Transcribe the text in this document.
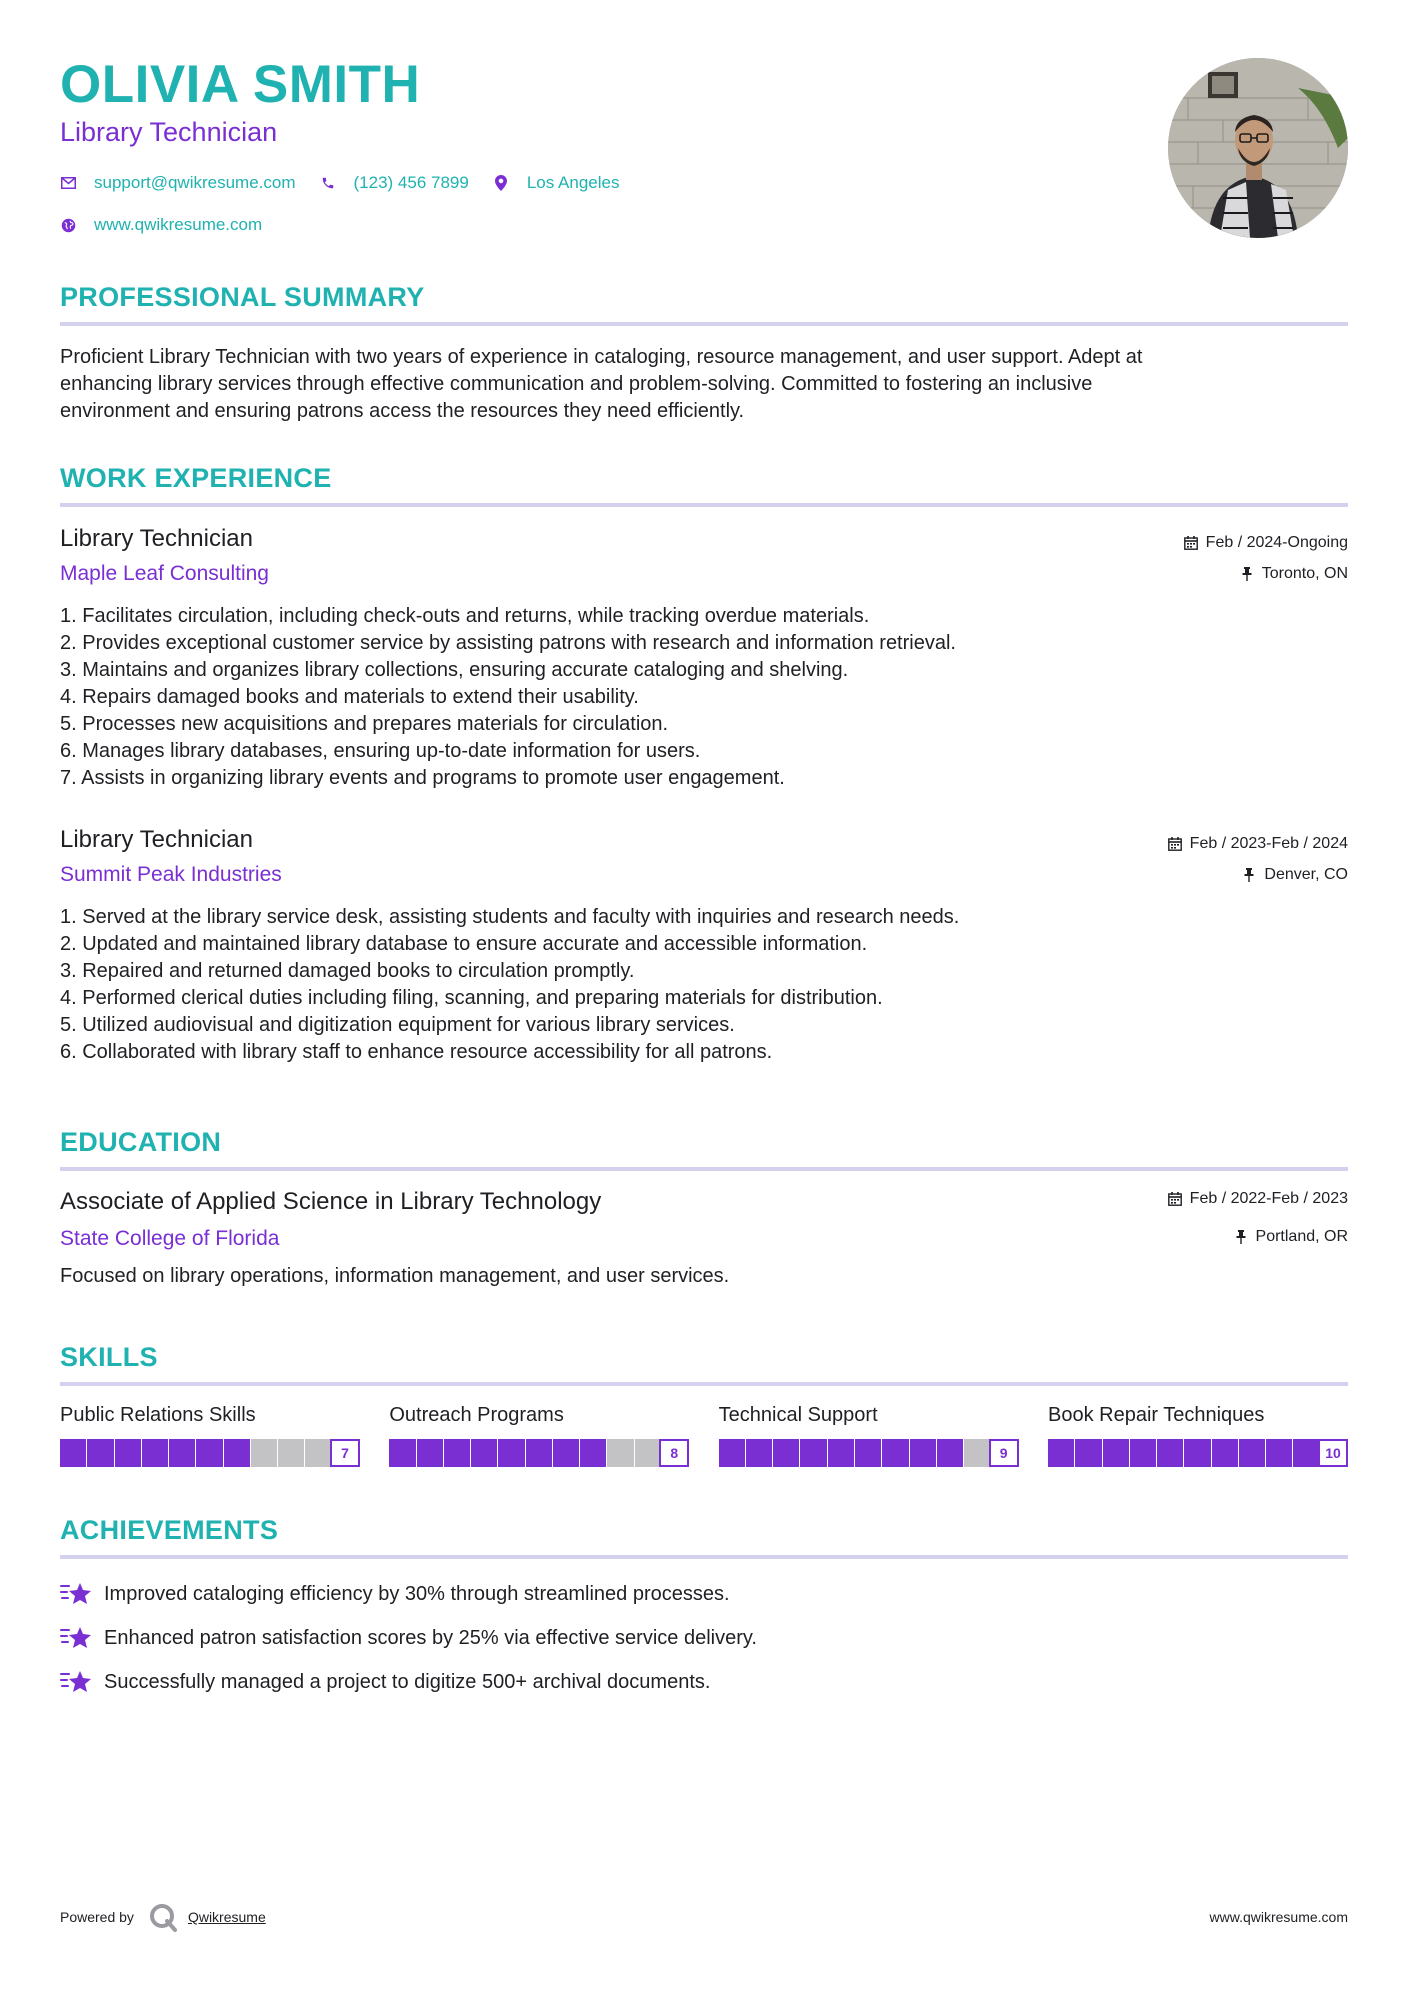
OLIVIA SMITH
Library Technician
support@qwikresume.com	(123) 456 7899	Los Angeles
www.qwikresume.com
PROFESSIONAL SUMMARY
Proficient Library Technician with two years of experience in cataloging, resource management, and user support. Adept at
enhancing library services through effective communication and problem-solving. Committed to fostering an inclusive
environment and ensuring patrons access the resources they need efficiently.
WORK EXPERIENCE
Library Technician
Maple Leaf Consulting
Feb / 2024-Ongoing
Toronto, ON
1. Facilitates circulation, including check-outs and returns, while tracking overdue materials.
2. Provides exceptional customer service by assisting patrons with research and information retrieval.
3. Maintains and organizes library collections, ensuring accurate cataloging and shelving.
4. Repairs damaged books and materials to extend their usability.
5. Processes new acquisitions and prepares materials for circulation.
6. Manages library databases, ensuring up-to-date information for users.
7. Assists in organizing library events and programs to promote user engagement.
Library Technician
Summit Peak Industries
Feb / 2023-Feb / 2024
Denver, CO
1. Served at the library service desk, assisting students and faculty with inquiries and research needs.
2. Updated and maintained library database to ensure accurate and accessible information.
3. Repaired and returned damaged books to circulation promptly.
4. Performed clerical duties including filing, scanning, and preparing materials for distribution.
5. Utilized audiovisual and digitization equipment for various library services.
6. Collaborated with library staff to enhance resource accessibility for all patrons.
EDUCATION
Associate of Applied Science in Library Technology
State College of Florida
Feb / 2022-Feb / 2023
Portland, OR
Focused on library operations, information management, and user services.
SKILLS
Public Relations Skills
7
Outreach Programs
8
Technical Support
9
Book Repair Techniques
10
ACHIEVEMENTS
Improved cataloging efficiency by 30% through streamlined processes.
Enhanced patron satisfaction scores by 25% via effective service delivery.
Successfully managed a project to digitize 500+ archival documents.
Powered by	Qwikresume	www.qwikresume.com
